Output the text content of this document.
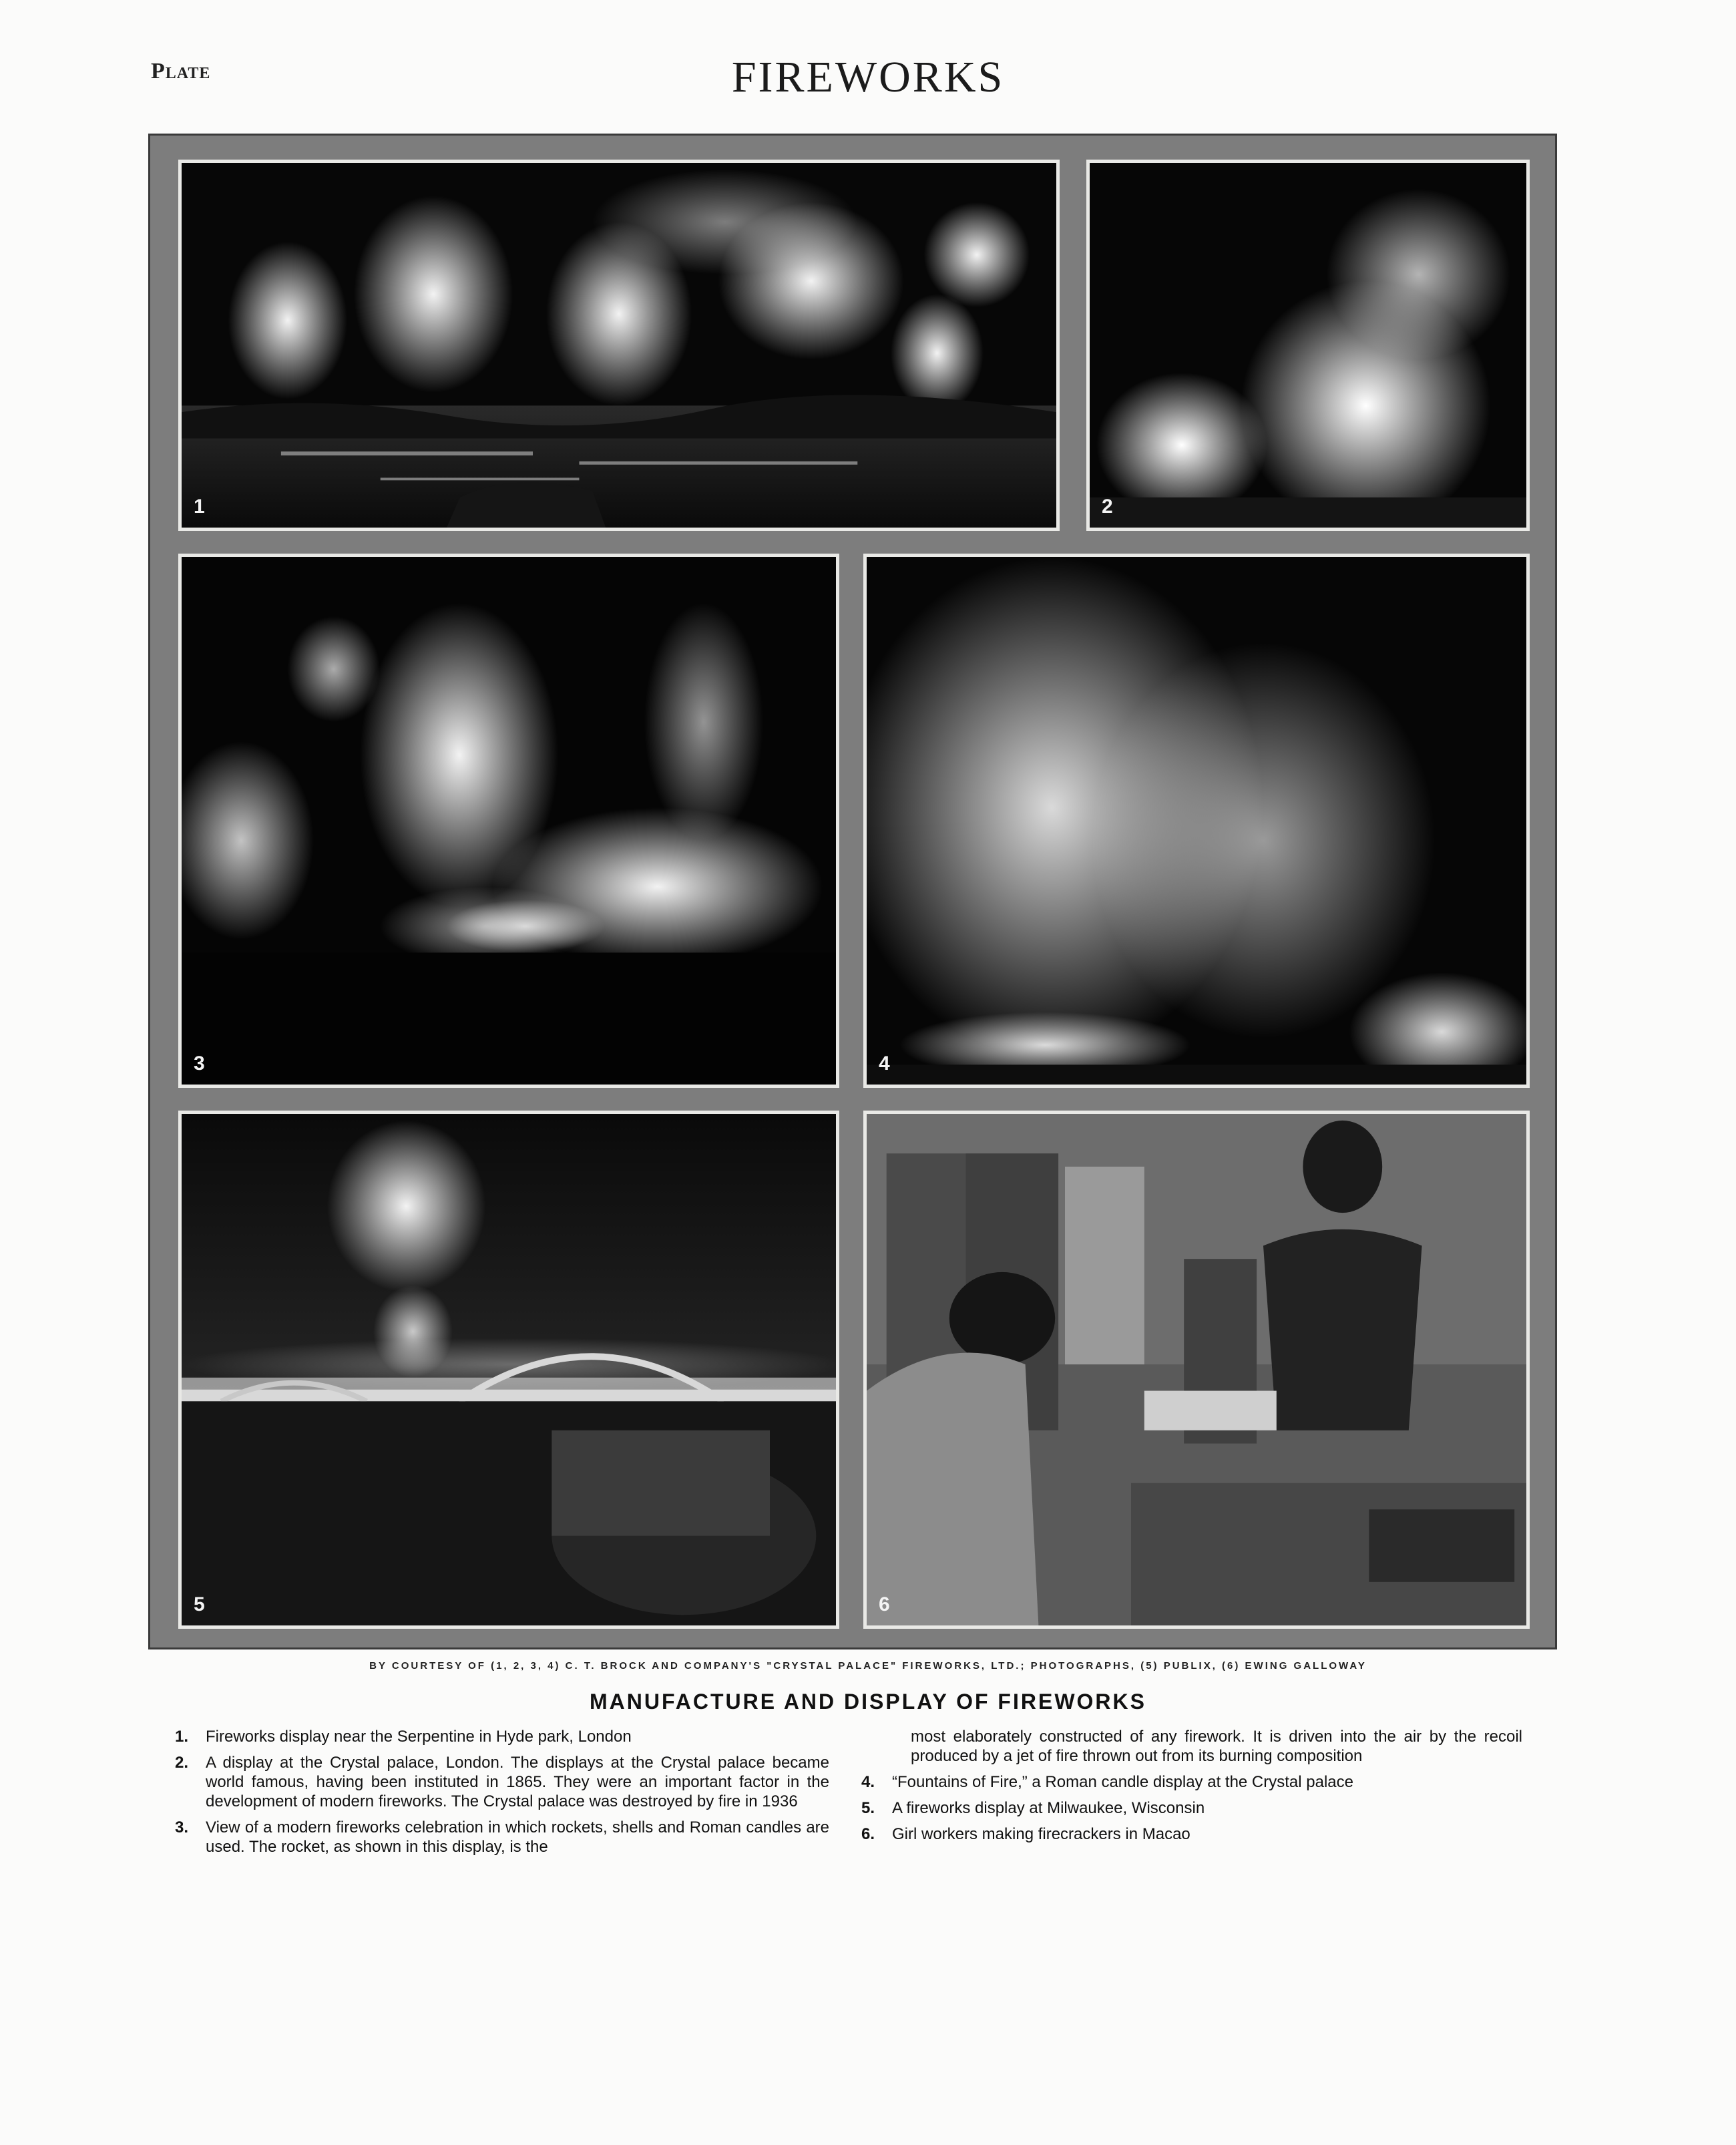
Plate	FIREWORKS
1	2
3	4
5	6
BY COURTESY OF (1, 2, 3, 4) C. T. BROCK AND COMPANY'S "CRYSTAL PALACE" FIREWORKS, LTD.; PHOTOGRAPHS, (5) PUBLIX, (6) EWING GALLOWAY
MANUFACTURE AND DISPLAY OF FIREWORKS
1. Fireworks display near the Serpentine in Hyde park, London
2. A display at the Crystal palace, London. The displays at the Crystal palace became world famous, having been instituted in 1865. They were an important factor in the development of modern fireworks. The Crystal palace was destroyed by fire in 1936
3. View of a modern fireworks celebration in which rockets, shells and Roman candles are used. The rocket, as shown in this display, is the
most elaborately constructed of any firework. It is driven into the air by the recoil produced by a jet of fire thrown out from its burning composition
4. “Fountains of Fire,” a Roman candle display at the Crystal palace
5. A fireworks display at Milwaukee, Wisconsin
6. Girl workers making firecrackers in Macao
